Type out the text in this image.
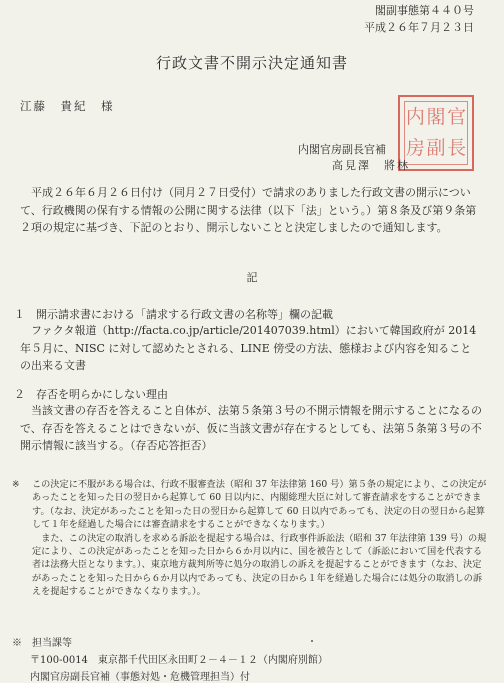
閣副事態第４４０号
平成２６年７月２３日
行政文書不開示決定通知書
江藤　貴紀　様	内 閣 官
房 副 長
内閣官房副長官補
高見澤　將林
平成２６年６月２６日付け（同月２７日受付）で請求のありました行政文書の開示について、行政機関の保有する情報の公開に関する法律（以下「法」という。）第８条及び第９条第２項の規定に基づき、下記のとおり、開示しないことと決定しましたので通知します。
記
１　開示請求書における「請求する行政文書の名称等」欄の記載
ファクタ報道（http://facta.co.jp/article/201407039.html）において韓国政府が 2014 年５月に、NISC に対して認めたとされる、LINE 傍受の方法、態様および内容を知ることの出来る文書
２　存否を明らかにしない理由
当該文書の存否を答えること自体が、法第５条第３号の不開示情報を開示することになるので、存否を答えることはできないが、仮に当該文書が存在するとしても、法第５条第３号の不開示情報に該当する。（存否応答拒否）
※ この決定に不服がある場合は、行政不服審査法（昭和 37 年法律第 160 号）第５条の規定により、この決定があったことを知った日の翌日から起算して 60 日以内に、内閣総理大臣に対して審査請求をすることができます。（なお、決定があったことを知った日の翌日から起算して 60 日以内であっても、決定の日の翌日から起算して１年を経過した場合には審査請求をすることができなくなります。）
また、この決定の取消しを求める訴訟を提起する場合は、行政事件訴訟法（昭和 37 年法律第 139 号）の規定により、この決定があったことを知った日から６か月以内に、国を被告として（訴訟において国を代表する者は法務大臣となります。）、東京地方裁判所等に処分の取消しの訴えを提起することができます（なお、決定があったことを知った日から６か月以内であっても、決定の日から１年を経過した場合には処分の取消しの訴えを提起することができなくなります。）。
※　担当課等
〒100-0014　東京都千代田区永田町２－４－１２（内閣府別館）
内閣官房副長官補（事態対処・危機管理担当）付
